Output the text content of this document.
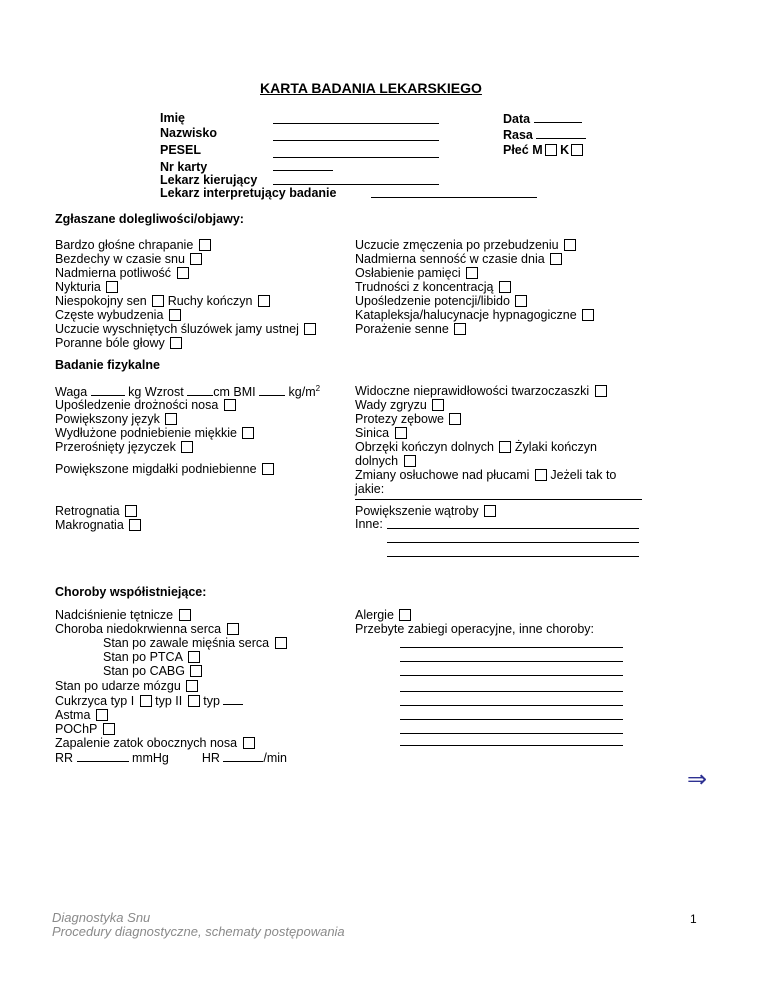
KARTA BADANIA LEKARSKIEGO
Imię
Nazwisko
PESEL
Nr karty
Lekarz kierujący
Lekarz interpretujący badanie
Data
Rasa
Płeć M K
Zgłaszane dolegliwości/objawy:
Bardzo głośne chrapanie
Bezdechy w czasie snu
Nadmierna potliwość
Nykturia
Niespokojny sen Ruchy kończyn
Częste wybudzenia
Uczucie wyschniętych śluzówek jamy ustnej
Poranne bóle głowy
Uczucie zmęczenia po przebudzeniu
Nadmierna senność w czasie dnia
Osłabienie pamięci
Trudności z koncentracją
Upośledzenie potencji/libido
Katapleksja/halucynacje hypnagogiczne
Porażenie senne
Badanie fizykalne
Waga	kg Wzrost cm BMI	$kg/m^2$
Upośledzenie drożności nosa
Powiększony język
Wydłużone podniebienie miękkie
Przerośnięty języczek
Powiększone migdałki podniebienne
Retrognatia
Makrognatia
Widoczne nieprawidłowości twarzoczaszki
Wady zgryzu
Protezy zębowe
Sinica
Obrzęki kończyn dolnych Żylaki kończyn
dolnych
Zmiany osłuchowe nad płucami Jeżeli tak to
jakie:
Powiększenie wątroby
Inne:
Choroby współistniejące:
Nadciśnienie tętnicze
Choroba niedokrwienna serca
Stan po zawale mięśnia serca
Stan po PTCA
Stan po CABG
Stan po udarze mózgu
Cukrzyca typ I typ II typ
Astma
POChP
Zapalenie zatok obocznych nosa
RR	mmHg	HR	/min
Alergie
Przebyte zabiegi operacyjne, inne choroby:
⇒
Diagnostyka Snu
Procedury diagnostyczne, schematy postępowania
1
